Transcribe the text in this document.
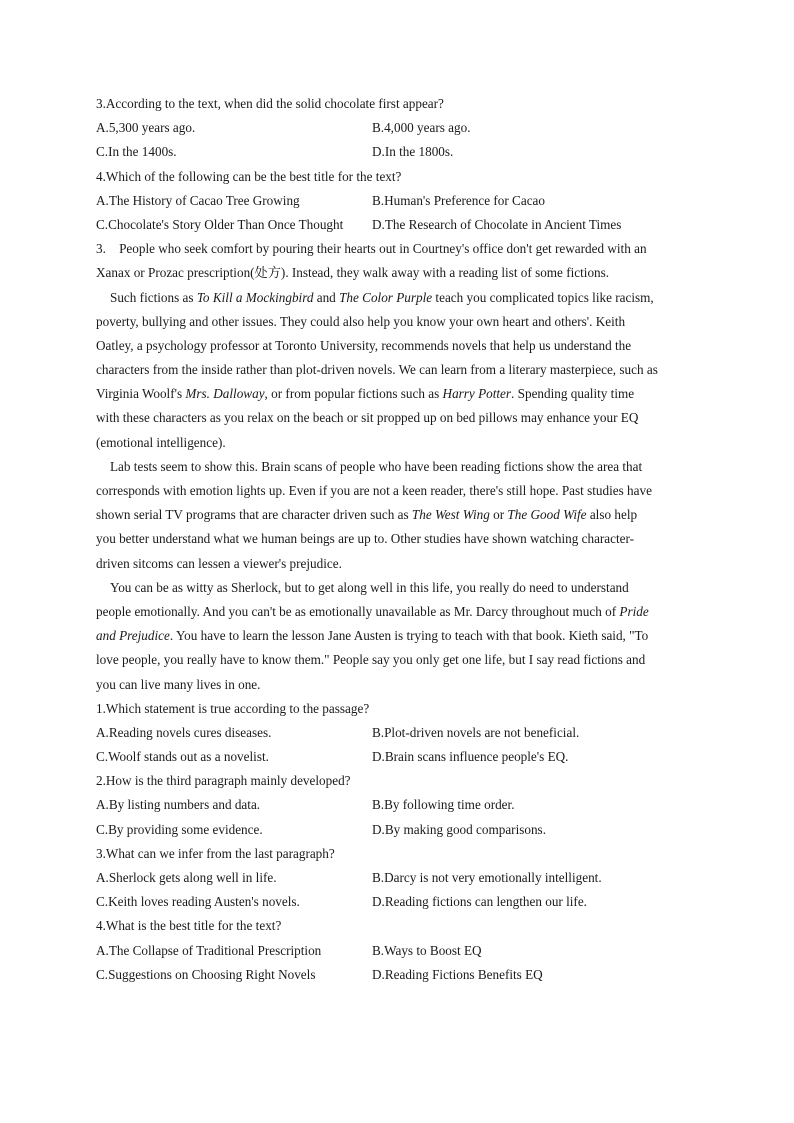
3.According to the text, when did the solid chocolate first appear?
A.5,300 years ago.	B.4,000 years ago.
C.In the 1400s.	D.In the 1800s.
4.Which of the following can be the best title for the text?
A.The History of Cacao Tree Growing	B.Human's Preference for Cacao
C.Chocolate's Story Older Than Once Thought D.The Research of Chocolate in Ancient Times
3.    People who seek comfort by pouring their hearts out in Courtney's office don't get rewarded with an
Xanax or Prozac prescription(处方). Instead, they walk away with a reading list of some fictions.
Such fictions as To Kill a Mockingbird and The Color Purple teach you complicated topics like racism,
poverty, bullying and other issues. They could also help you know your own heart and others'. Keith
Oatley, a psychology professor at Toronto University, recommends novels that help us understand the
characters from the inside rather than plot-driven novels. We can learn from a literary masterpiece, such as
Virginia Woolf's Mrs. Dalloway, or from popular fictions such as Harry Potter. Spending quality time
with these characters as you relax on the beach or sit propped up on bed pillows may enhance your EQ
(emotional intelligence).
Lab tests seem to show this. Brain scans of people who have been reading fictions show the area that
corresponds with emotion lights up. Even if you are not a keen reader, there's still hope. Past studies have
shown serial TV programs that are character driven such as The West Wing or The Good Wife also help
you better understand what we human beings are up to. Other studies have shown watching character-
driven sitcoms can lessen a viewer's prejudice.
You can be as witty as Sherlock, but to get along well in this life, you really do need to understand
people emotionally. And you can't be as emotionally unavailable as Mr. Darcy throughout much of Pride
and Prejudice. You have to learn the lesson Jane Austen is trying to teach with that book. Kieth said, "To
love people, you really have to know them." People say you only get one life, but I say read fictions and
you can live many lives in one.
1.Which statement is true according to the passage?
A.Reading novels cures diseases.	B.Plot-driven novels are not beneficial.
C.Woolf stands out as a novelist.	D.Brain scans influence people's EQ.
2.How is the third paragraph mainly developed?
A.By listing numbers and data.	B.By following time order.
C.By providing some evidence.	D.By making good comparisons.
3.What can we infer from the last paragraph?
A.Sherlock gets along well in life.	B.Darcy is not very emotionally intelligent.
C.Keith loves reading Austen's novels.	D.Reading fictions can lengthen our life.
4.What is the best title for the text?
A.The Collapse of Traditional Prescription	B.Ways to Boost EQ
C.Suggestions on Choosing Right Novels	D.Reading Fictions Benefits EQ
